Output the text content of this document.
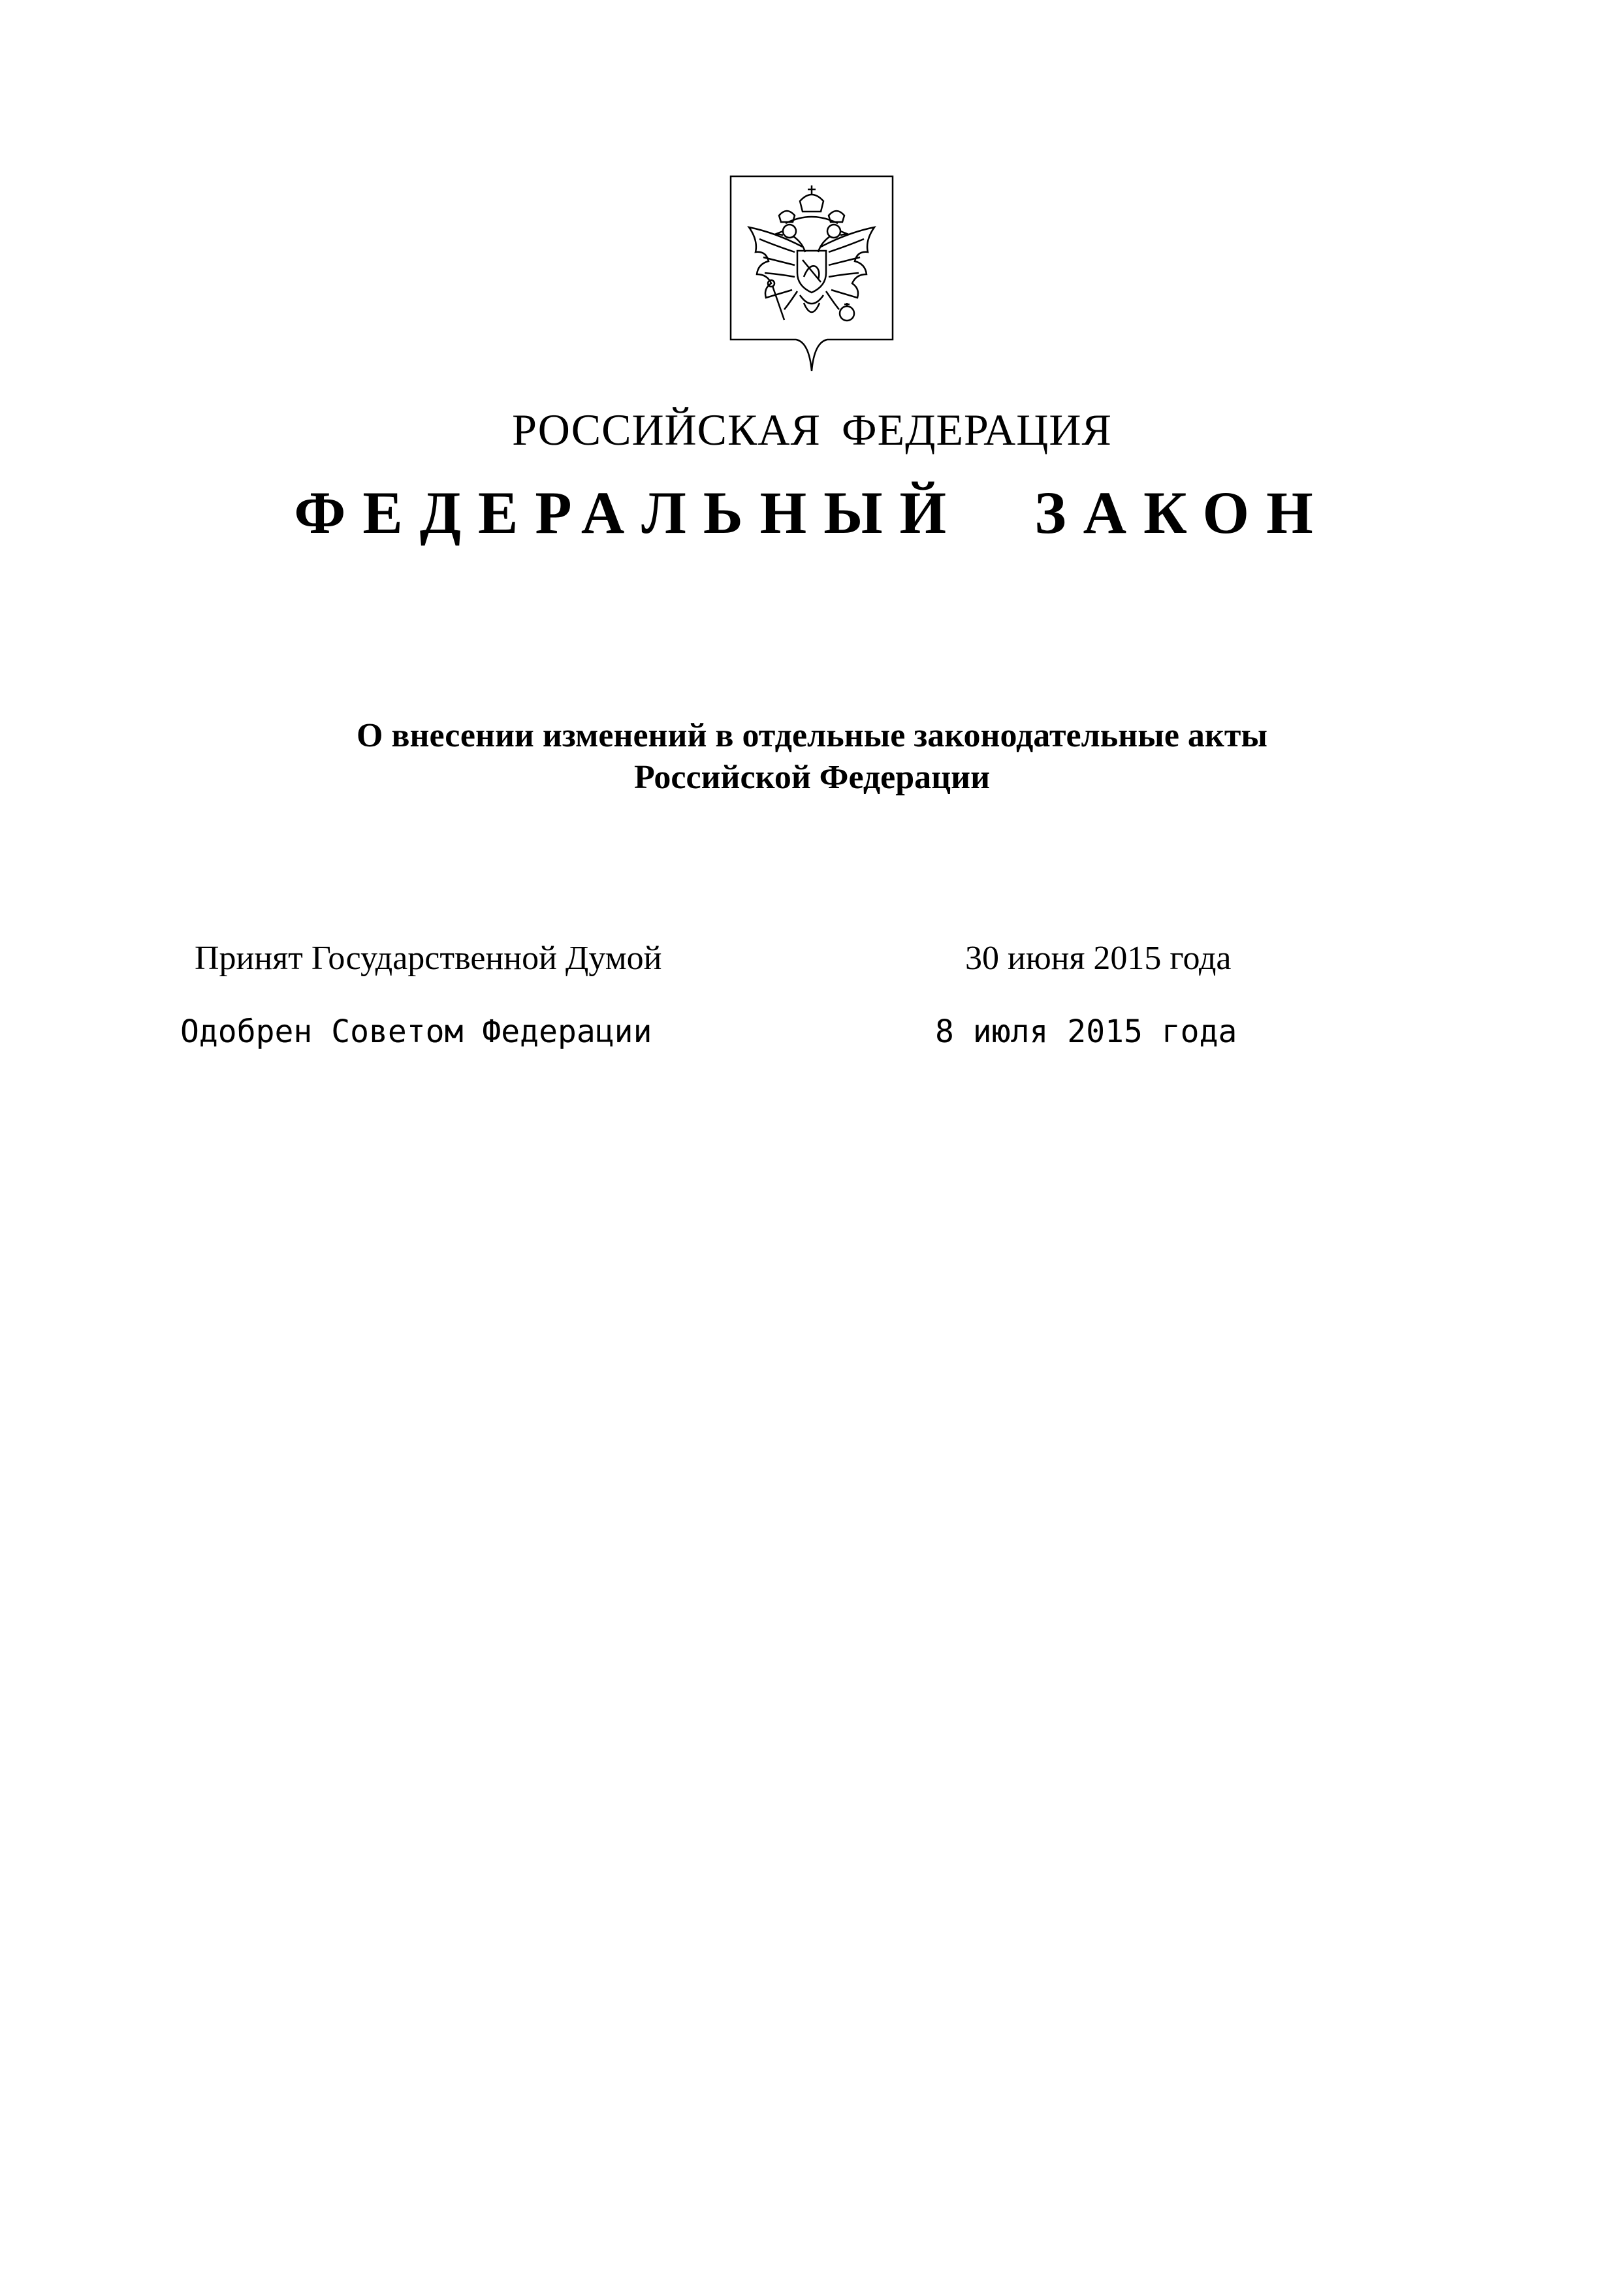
РОССИЙСКАЯ ФЕДЕРАЦИЯ
ФЕДЕРАЛЬНЫЙ ЗАКОН
О внесении изменений в отдельные законодательные акты
Российской Федерации
Принят Государственной Думой	30 июня 2015 года
Одобрен Советом Федерации	8 июля 2015 года
